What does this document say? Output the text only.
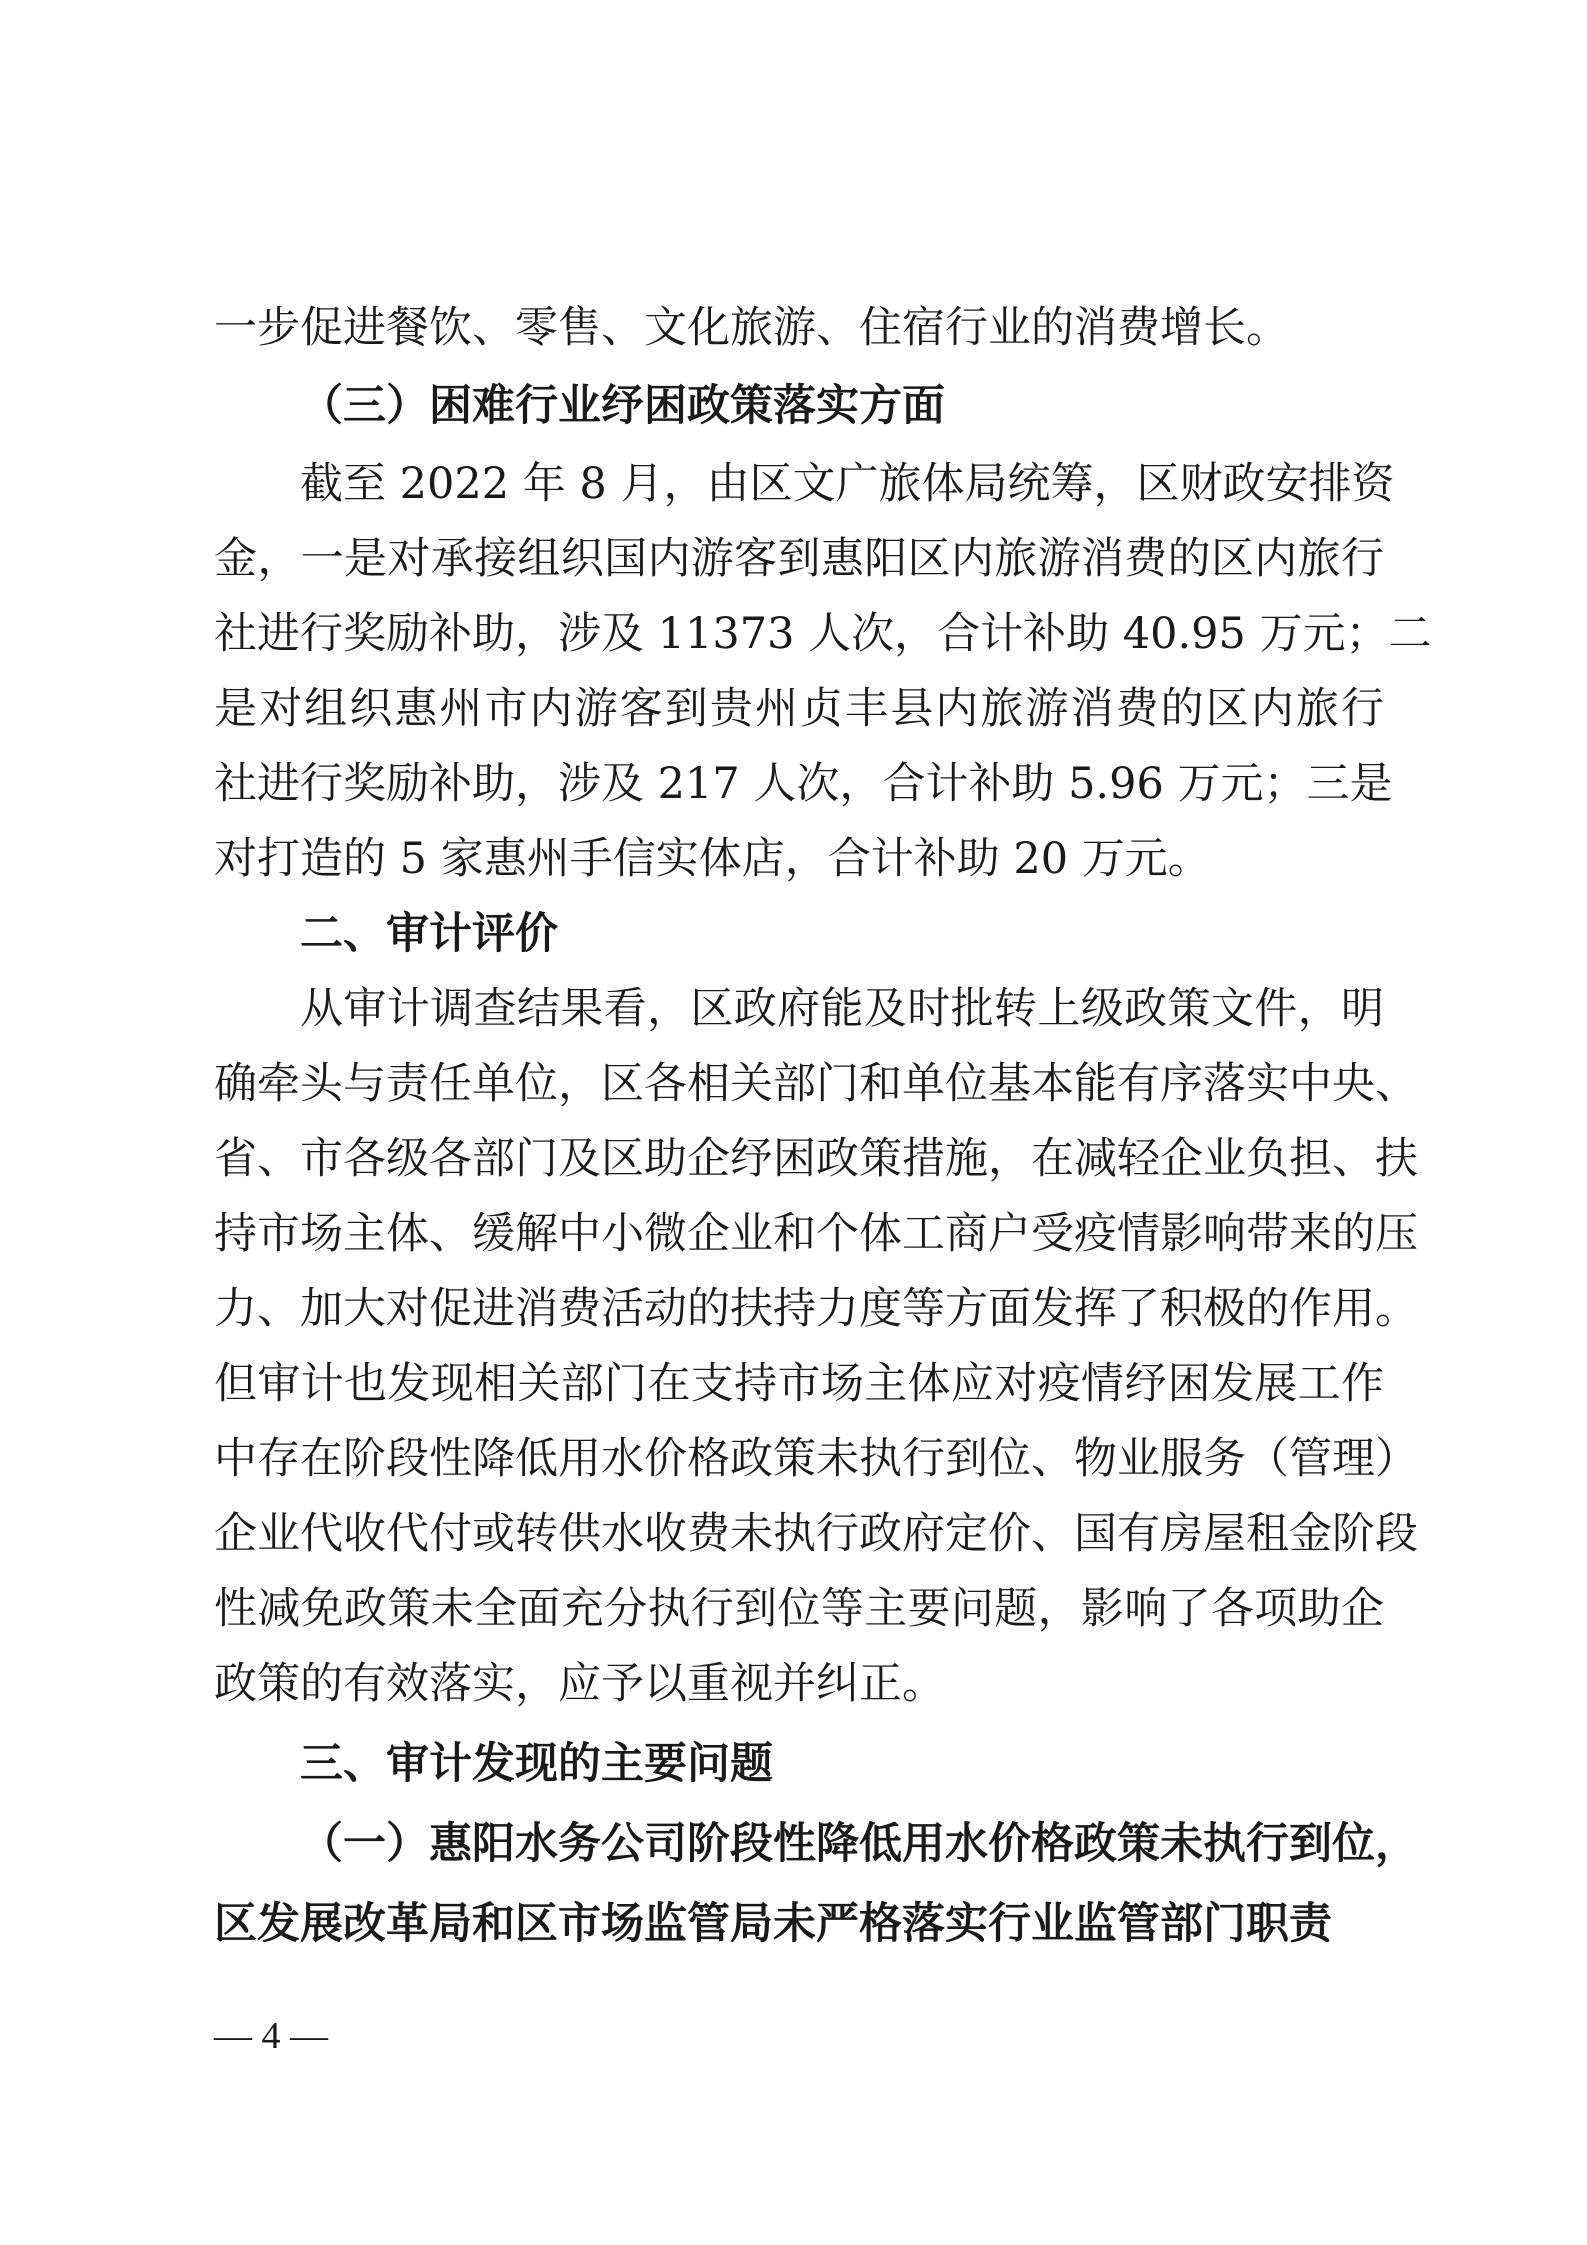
一步促进餐饮、零售、文化旅游、住宿行业的消费增长。
（三）困难行业纾困政策落实方面
截至 2022 年 8 月，由区文广旅体局统筹，区财政安排资
金，一是对承接组织国内游客到惠阳区内旅游消费的区内旅行
社进行奖励补助，涉及 11373 人次，合计补助 40.95 万元；二
是对组织惠州市内游客到贵州贞丰县内旅游消费的区内旅行
社进行奖励补助，涉及 217 人次，合计补助 5.96 万元；三是
对打造的 5 家惠州手信实体店，合计补助 20 万元。
二、审计评价
从审计调查结果看，区政府能及时批转上级政策文件，明
确牵头与责任单位，区各相关部门和单位基本能有序落实中央、
省、市各级各部门及区助企纾困政策措施，在减轻企业负担、扶
持市场主体、缓解中小微企业和个体工商户受疫情影响带来的压
力、加大对促进消费活动的扶持力度等方面发挥了积极的作用。
但审计也发现相关部门在支持市场主体应对疫情纾困发展工作
中存在阶段性降低用水价格政策未执行到位、物业服务（管理）
企业代收代付或转供水收费未执行政府定价、国有房屋租金阶段
性减免政策未全面充分执行到位等主要问题，影响了各项助企
政策的有效落实，应予以重视并纠正。
三、审计发现的主要问题
（一）惠阳水务公司阶段性降低用水价格政策未执行到位，
区发展改革局和区市场监管局未严格落实行业监管部门职责
— 4 —
